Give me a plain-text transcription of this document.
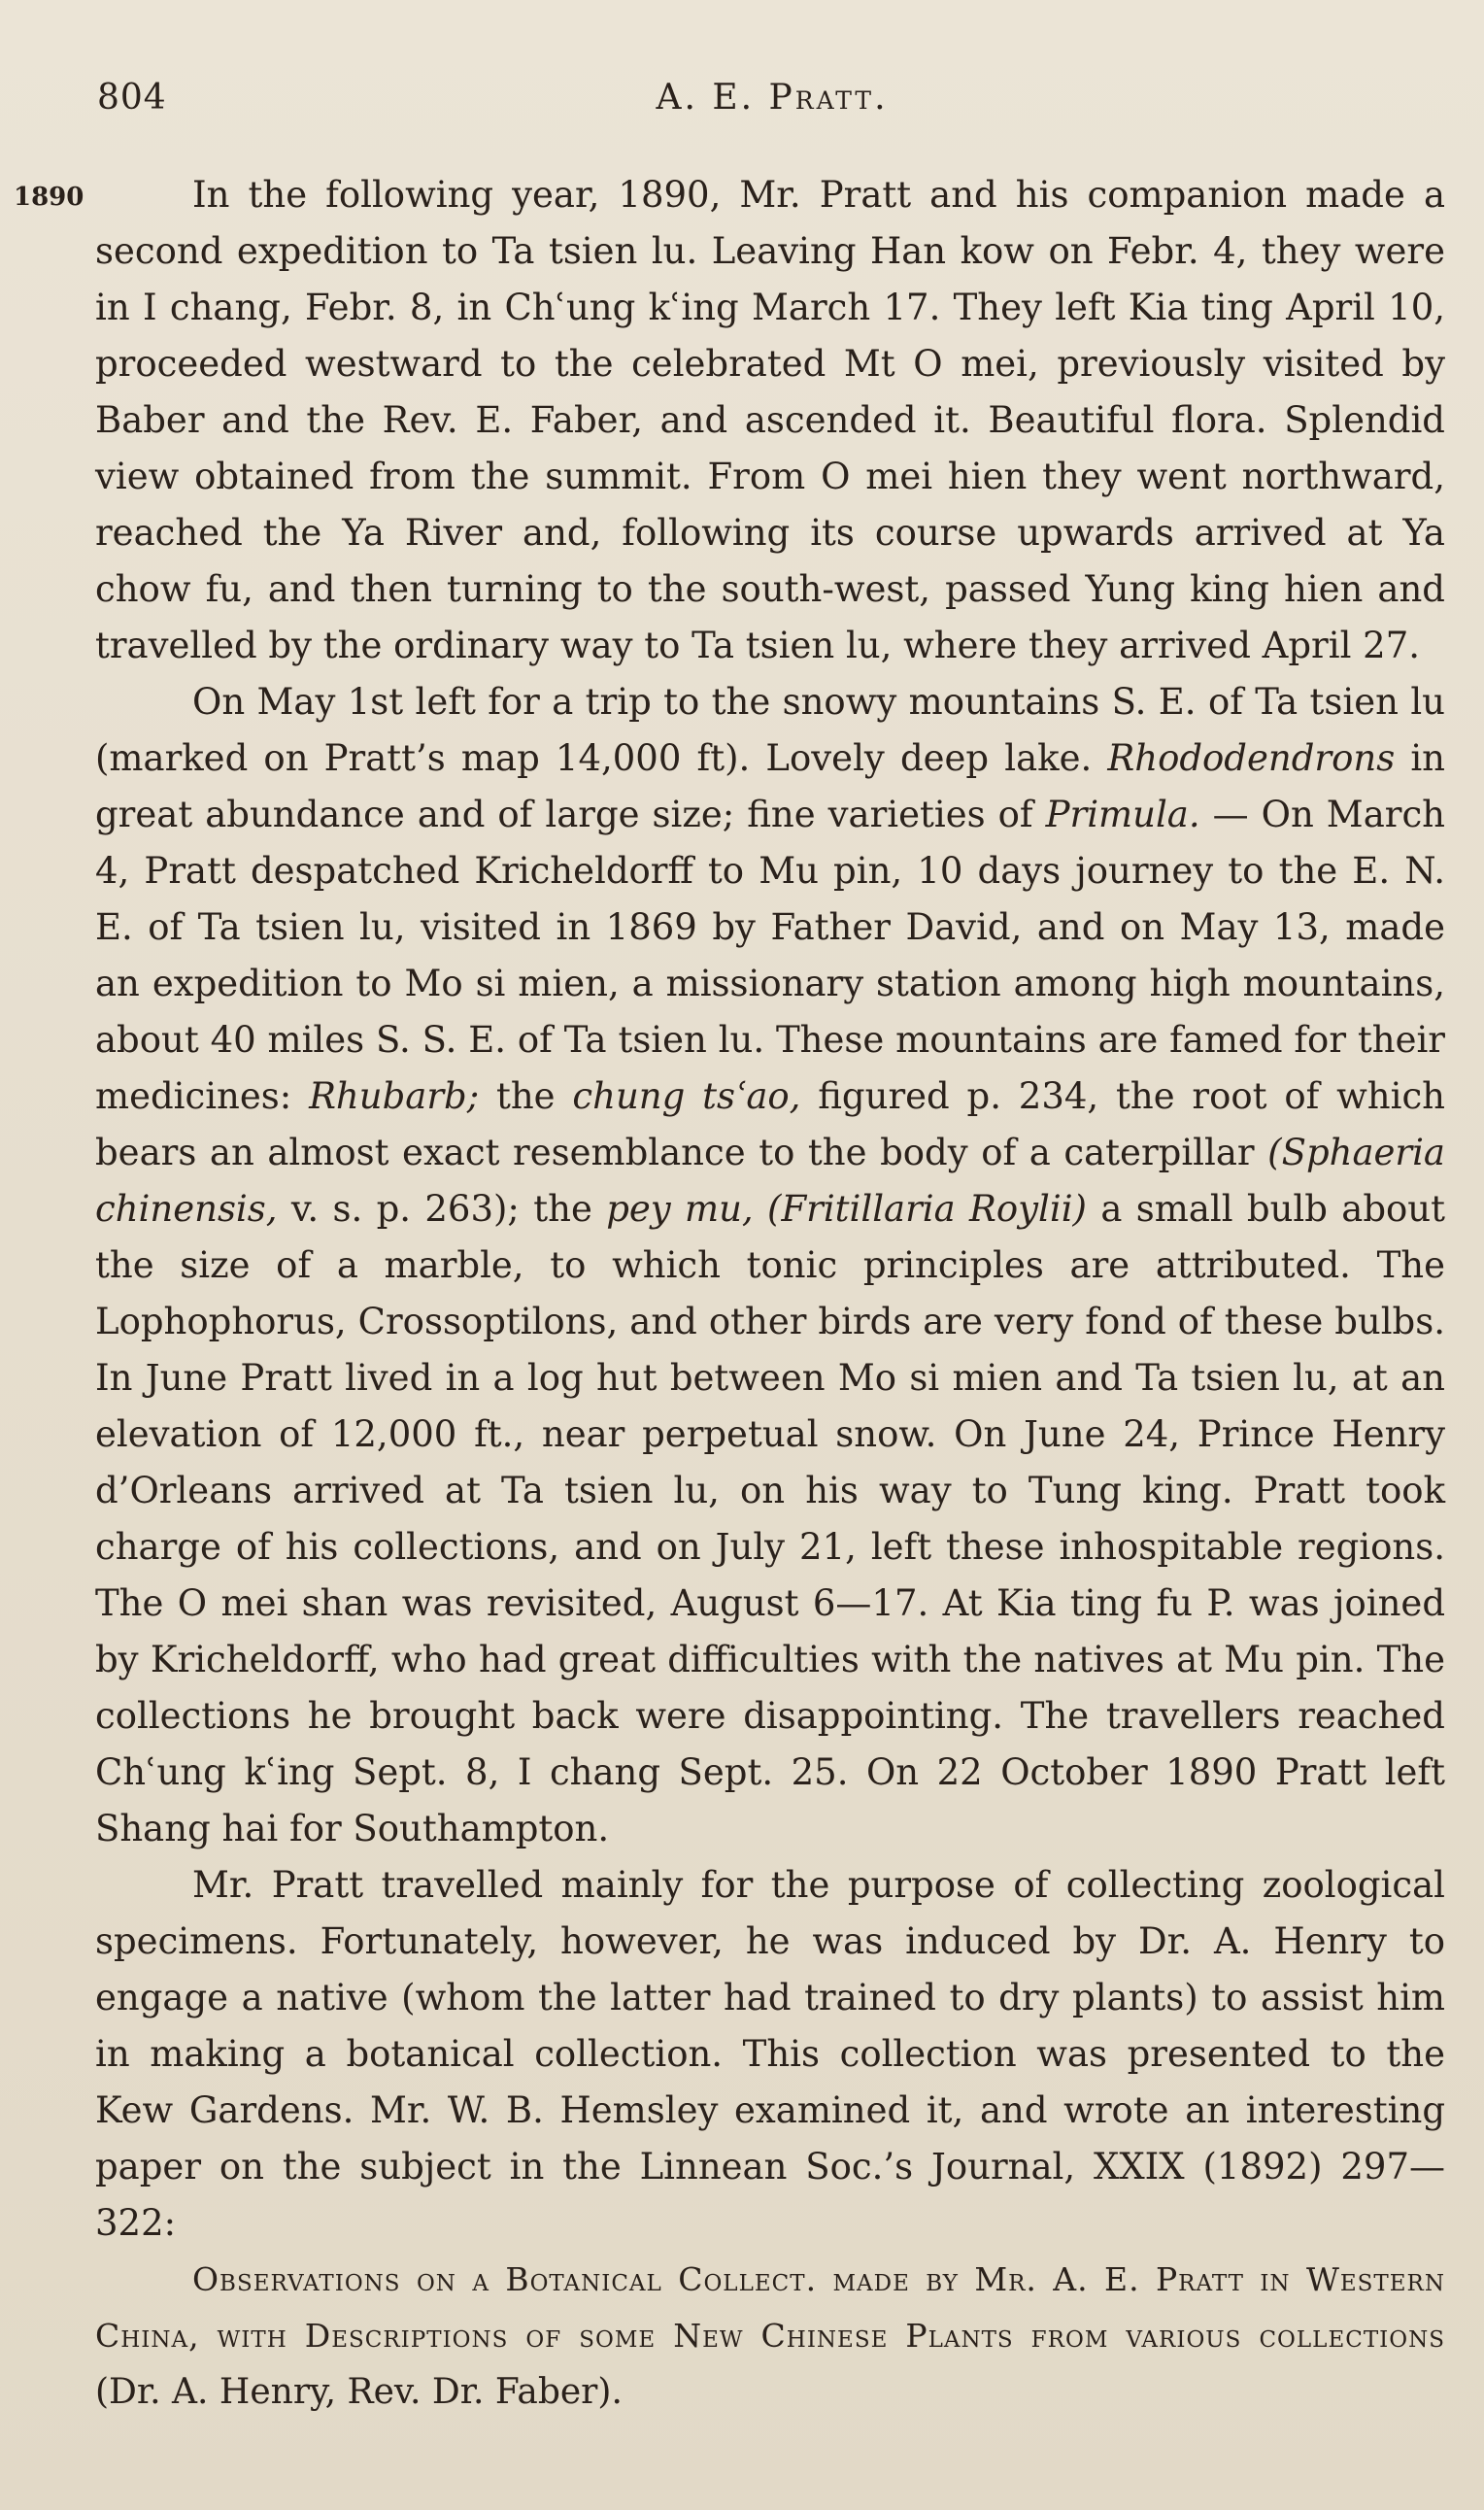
804	A. E. Pratt.
1890	In the following year, 1890, Mr. Pratt and his companion made a second expedition to Ta tsien lu. Leaving Han kow on Febr. 4, they were in I chang, Febr. 8, in Chʿung kʿing March 17. They left Kia ting April 10, proceeded westward to the celebrated Mt O mei, previously visited by Baber and the Rev. E. Faber, and ascended it. Beautiful flora. Splendid view obtained from the summit. From O mei hien they went northward, reached the Ya River and, following its course upwards arrived at Ya chow fu, and then turning to the south-west, passed Yung king hien and travelled by the ordinary way to Ta tsien lu, where they arrived April 27.

On May 1st left for a trip to the snowy mountains S. E. of Ta tsien lu (marked on Pratt’s map 14,000 ft). Lovely deep lake. Rhododendrons in great abundance and of large size; fine varieties of Primula. — On March 4, Pratt despatched Kricheldorff to Mu pin, 10 days journey to the E. N. E. of Ta tsien lu, visited in 1869 by Father David, and on May 13, made an expedition to Mo si mien, a missionary station among high mountains, about 40 miles S. S. E. of Ta tsien lu. These mountains are famed for their medicines: Rhubarb; the chung tsʿao, figured p. 234, the root of which bears an almost exact resemblance to the body of a caterpillar (Sphaeria chinensis, v. s. p. 263); the pey mu, (Fritillaria Roylii) a small bulb about the size of a marble, to which tonic principles are attributed. The Lophophorus, Crossoptilons, and other birds are very fond of these bulbs. In June Pratt lived in a log hut between Mo si mien and Ta tsien lu, at an elevation of 12,000 ft., near perpetual snow. On June 24, Prince Henry d’Orleans arrived at Ta tsien lu, on his way to Tung king. Pratt took charge of his collections, and on July 21, left these inhospitable regions. The O mei shan was revisited, August 6—17. At Kia ting fu P. was joined by Kricheldorff, who had great difficulties with the natives at Mu pin. The collections he brought back were disappointing. The travellers reached Chʿung kʿing Sept. 8, I chang Sept. 25. On 22 October 1890 Pratt left Shang hai for Southampton.

Mr. Pratt travelled mainly for the purpose of collecting zoological specimens. Fortunately, however, he was induced by Dr. A. Henry to engage a native (whom the latter had trained to dry plants) to assist him in making a botanical collection. This collection was presented to the Kew Gardens. Mr. W. B. Hemsley examined it, and wrote an interesting paper on the subject in the Linnean Soc.’s Journal, XXIX (1892) 297—322:

Observations on a Botanical Collect. made by Mr. A. E. Pratt in Western China, with Descriptions of some New Chinese Plants from various collections (Dr. A. Henry, Rev. Dr. Faber).
